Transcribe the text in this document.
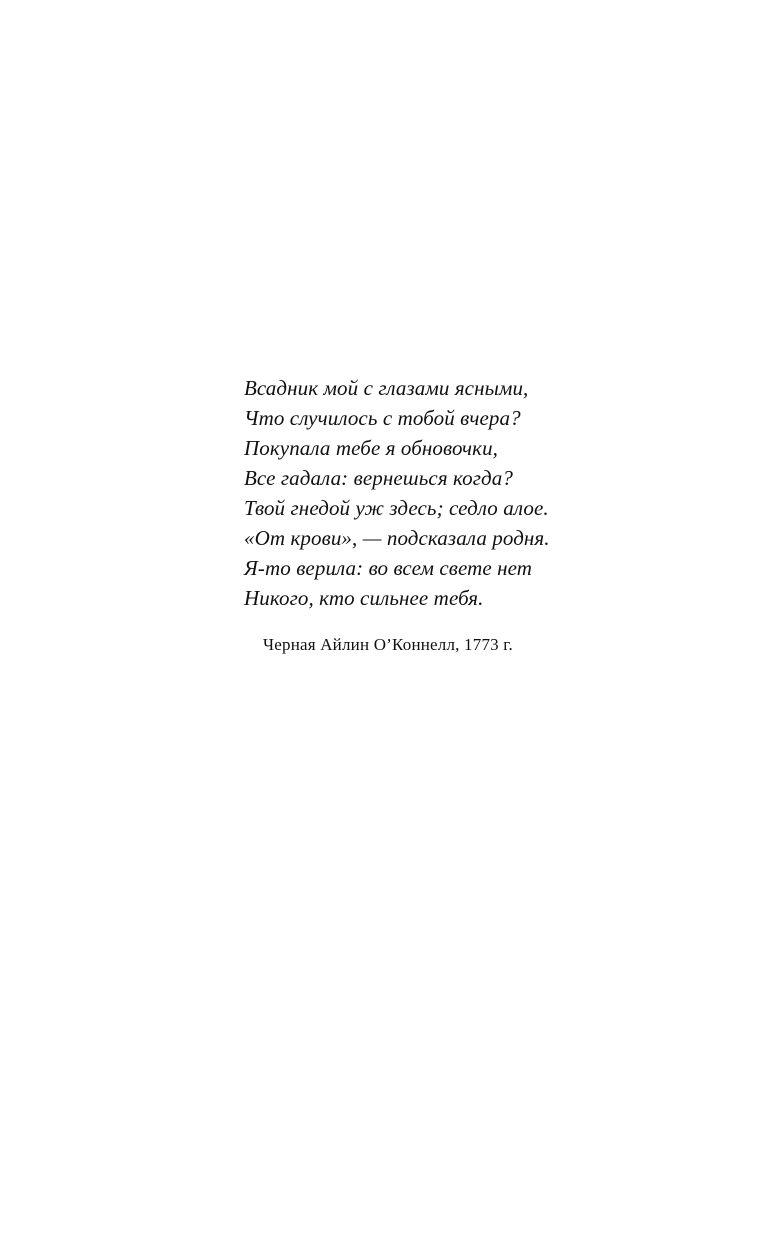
Всадник мой с глазами ясными,
Что случилось с тобой вчера?
Покупала тебе я обновочки,
Все гадала: вернешься когда?
Твой гнедой уж здесь; седло алое.
«От крови», — подсказала родня.
Я-то верила: во всем свете нет
Никого, кто сильнее тебя.
Черная Айлин О’Коннелл, 1773 г.
